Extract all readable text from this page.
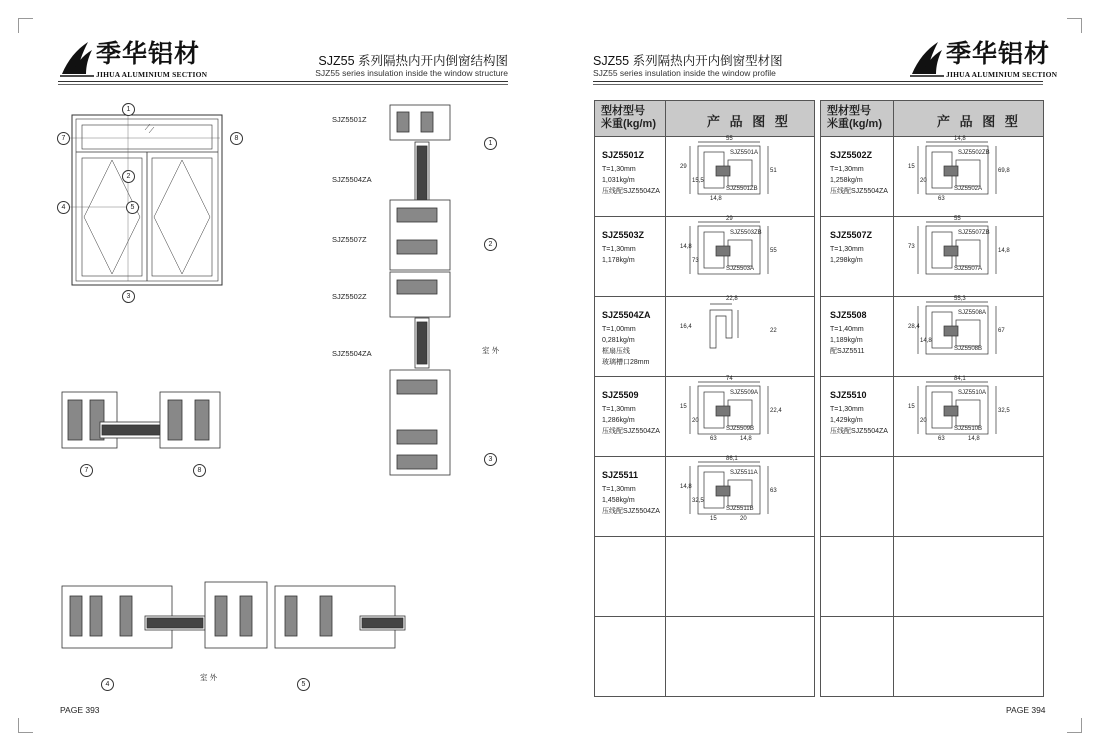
季华铝材
JIHUA ALUMINIUM SECTION
SJZ55 系列隔热内开内倒窗结构图
SJZ55 series insulation inside the window structure
1
2
3
4	5
7	8
SJZ5501Z
SJZ5504ZA
SJZ5507Z
SJZ5502Z
SJZ5504ZA
1
2
3
室 外
7	8
4	5
室 外
PAGE 393
SJZ55 系列隔热内开内倒窗型材图
SJZ55 series insulation inside the window profile
季华铝材
JIHUA ALUMINIUM SECTION
型材型号
米重(kg/m)	产 品 图 型
型材型号
米重(kg/m)	产 品 图 型
SJZ5501Z
T=1,30mm
1,031kg/m
压线配SJZ5504ZA
SJZ5501A
SJZ5501ZB
55
51
29
15,5
14,8
SJZ5503Z
T=1,30mm
1,178kg/m
SJZ5503ZB
SJZ5503A
29
55
14,8
73
SJZ5504ZA
T=1,00mm
0,281kg/m
框扇压线
玻璃槽口28mm
22,8
22
16,4
SJZ5509
T=1,30mm
1,286kg/m
压线配SJZ5504ZA
SJZ5509A
SJZ5509B
74
22,4
15
20
63	14,8
SJZ5511
T=1,30mm
1,458kg/m
压线配SJZ5504ZA
SJZ5511A
SJZ5511B
86,1
63
14,8
32,5
15	20
SJZ5502Z
T=1,30mm
1,258kg/m
压线配SJZ5504ZA
SJZ5502ZB
SJZ5502A
14,8
69,8
15
20
63
SJZ5507Z
T=1,30mm
1,298kg/m
SJZ5507ZB
SJZ5507A
55
14,8
73
SJZ5508
T=1,40mm
1,189kg/m
配SJZ5511
SJZ5508A
SJZ5508B
55,3
67
28,4
14,8
SJZ5510
T=1,30mm
1,429kg/m
压线配SJZ5504ZA
SJZ5510A
SJZ5510B
84,1
32,5
15
20
63	14,8
PAGE 394
